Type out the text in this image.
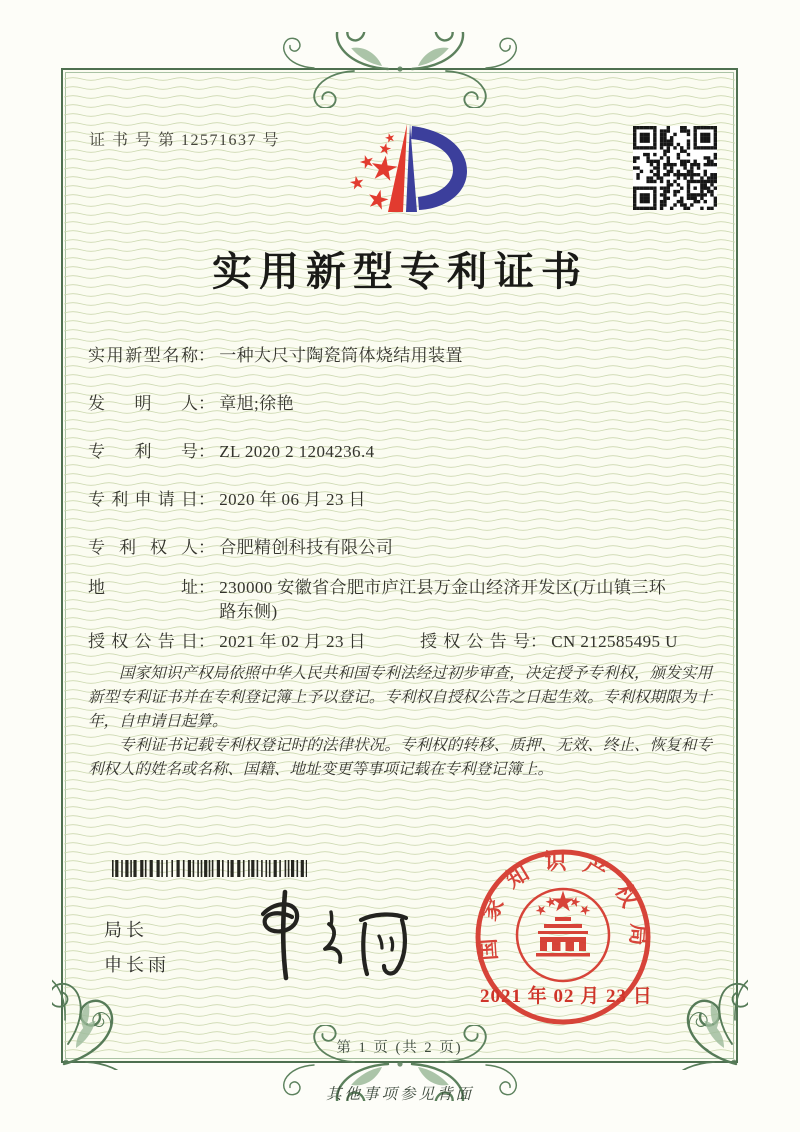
证 书 号 第 12571637 号
实用新型专利证书
实用新型名称： 一种大尺寸陶瓷筒体烧结用装置
发明人： 章旭;徐艳
专利号： ZL 2020 2 1204236.4
专利申请日： 2020 年 06 月 23 日
专利权人： 合肥精创科技有限公司
地址： 230000 安徽省合肥市庐江县万金山经济开发区(万山镇三环路东侧)
授权公告日： 2021 年 02 月 23 日	授权公告号： CN 212585495 U

国家知识产权局依照中华人民共和国专利法经过初步审查，决定授予专利权，颁发实用新型专利证书并在专利登记簿上予以登记。专利权自授权公告之日起生效。专利权期限为十年，自申请日起算。

专利证书记载专利权登记时的法律状况。专利权的转移、质押、无效、终止、恢复和专利权人的姓名或名称、国籍、地址变更等事项记载在专利登记簿上。

局长
申长雨
国家知识产权局
2021 年 02 月 23 日
第 1 页 (共 2 页)
其他事项参见背面
